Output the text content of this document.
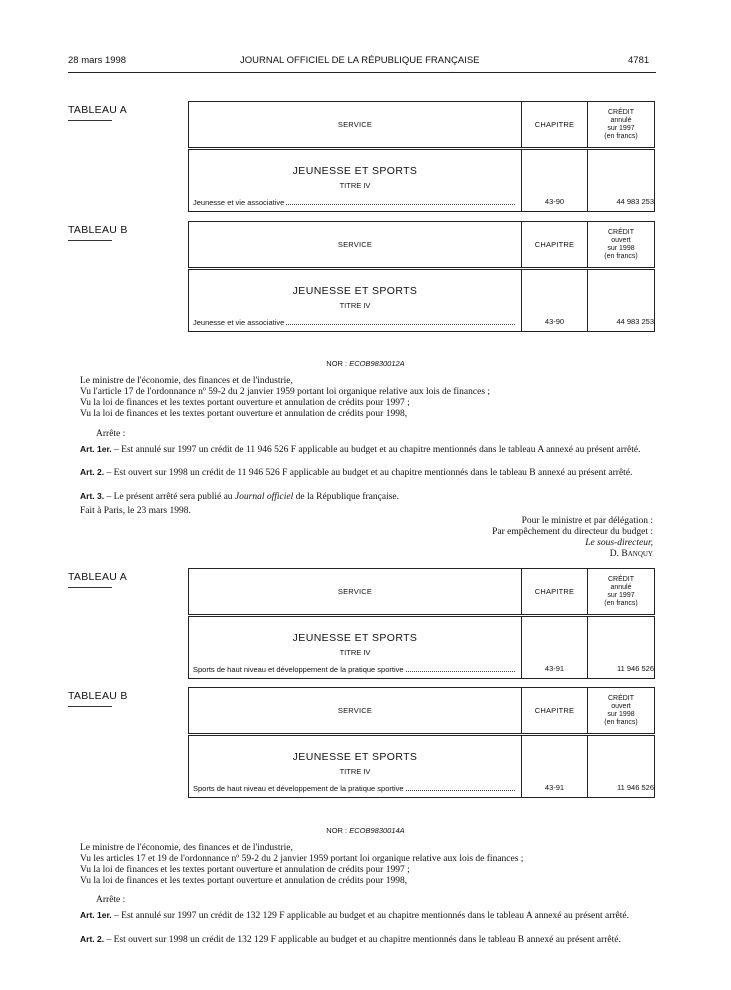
28 mars 1998	JOURNAL OFFICIEL DE LA RÉPUBLIQUE FRANÇAISE	4781
TABLEAU A
SERVICE	CHAPITRE	CRÉDIT
annulé
sur 1997
(en francs)

JEUNESSE ET SPORTS
TITRE IV
Jeunesse et vie associative	43-90	44 983 253
TABLEAU B
SERVICE	CHAPITRE	CRÉDIT
ouvert
sur 1998
(en francs)

JEUNESSE ET SPORTS
TITRE IV
Jeunesse et vie associative	43-90	44 983 253
NOR : ECOB9830012A
Le ministre de l'économie, des finances et de l'industrie,
Vu l'article 17 de l'ordonnance nº 59-2 du 2 janvier 1959 portant loi organique relative aux lois de finances ;
Vu la loi de finances et les textes portant ouverture et annulation de crédits pour 1997 ;
Vu la loi de finances et les textes portant ouverture et annulation de crédits pour 1998,
Arrête :
Art. 1er. – Est annulé sur 1997 un crédit de 11 946 526 F applicable au budget et au chapitre mentionnés dans le tableau A annexé au présent arrêté.
Art. 2. – Est ouvert sur 1998 un crédit de 11 946 526 F applicable au budget et au chapitre mentionnés dans le tableau B annexé au présent arrêté.
Art. 3. – Le présent arrêté sera publié au Journal officiel de la République française.
Fait à Paris, le 23 mars 1998.
Pour le ministre et par délégation :
Par empêchement du directeur du budget :
Le sous-directeur,
D. Banquy
TABLEAU A
SERVICE	CHAPITRE	CRÉDIT
annulé
sur 1997
(en francs)

JEUNESSE ET SPORTS
TITRE IV
Sports de haut niveau et développement de la pratique sportive	43-91	11 946 526
TABLEAU B
SERVICE	CHAPITRE	CRÉDIT
ouvert
sur 1998
(en francs)

JEUNESSE ET SPORTS
TITRE IV
Sports de haut niveau et développement de la pratique sportive	43-91	11 946 526
NOR : ECOB9830014A
Le ministre de l'économie, des finances et de l'industrie,
Vu les articles 17 et 19 de l'ordonnance nº 59-2 du 2 janvier 1959 portant loi organique relative aux lois de finances ;
Vu la loi de finances et les textes portant ouverture et annulation de crédits pour 1997 ;
Vu la loi de finances et les textes portant ouverture et annulation de crédits pour 1998,
Arrête :
Art. 1er. – Est annulé sur 1997 un crédit de 132 129 F applicable au budget et au chapitre mentionnés dans le tableau A annexé au présent arrêté.
Art. 2. – Est ouvert sur 1998 un crédit de 132 129 F applicable au budget et au chapitre mentionnés dans le tableau B annexé au présent arrêté.
